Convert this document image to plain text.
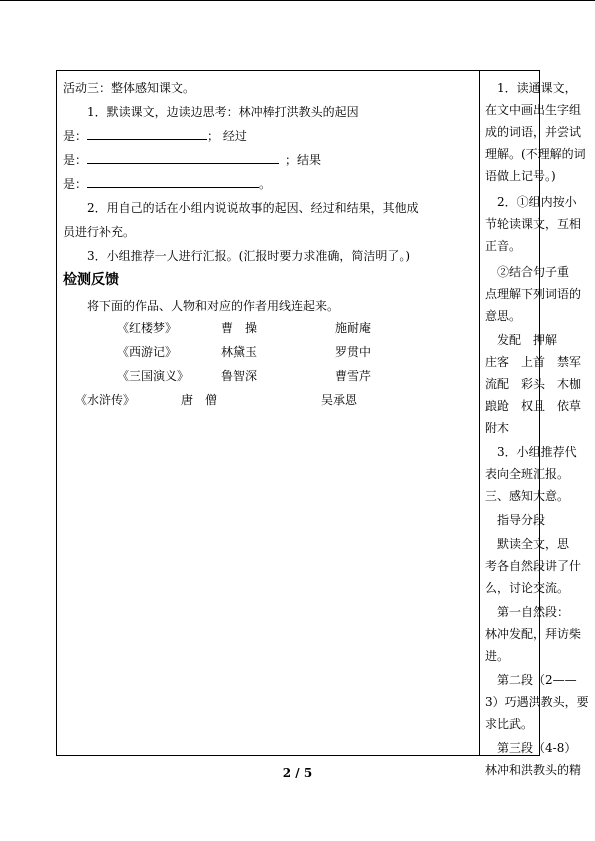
活动三：整体感知课文。
1．默读课文，边读边思考：林冲棒打洪教头的起因
是：	； 经过
是：	；结果
是：	。
2．用自己的话在小组内说说故事的起因、经过和结果，其他成
员进行补充。
3．小组推荐一人进行汇报。(汇报时要力求准确，简洁明了。)
检测反馈
将下面的作品、人物和对应的作者用线连起来。
《红楼梦》	曹　操	施耐庵
《西游记》	林黛玉	罗贯中
《三国演义》	鲁智深	曹雪芹
《水浒传》	唐　僧	吴承恩
1．读通课文，
在文中画出生字组
成的词语，并尝试
理解。(不理解的词
语做上记号。)
2．①组内按小
节轮读课文，互相
正音。
②结合句子重
点理解下列词语的
意思。
发配　押解
庄客　上首　禁军
流配　彩头　木枷
踉跄　权且　依草
附木
3．小组推荐代
表向全班汇报。
三、感知大意。
指导分段
默读全文，思
考各自然段讲了什
么，讨论交流。
第一自然段：
林冲发配，拜访柴
进。
第二段（2——
3）巧遇洪教头，要
求比武。
第三段（4-8）
林冲和洪教头的精
2 / 5
